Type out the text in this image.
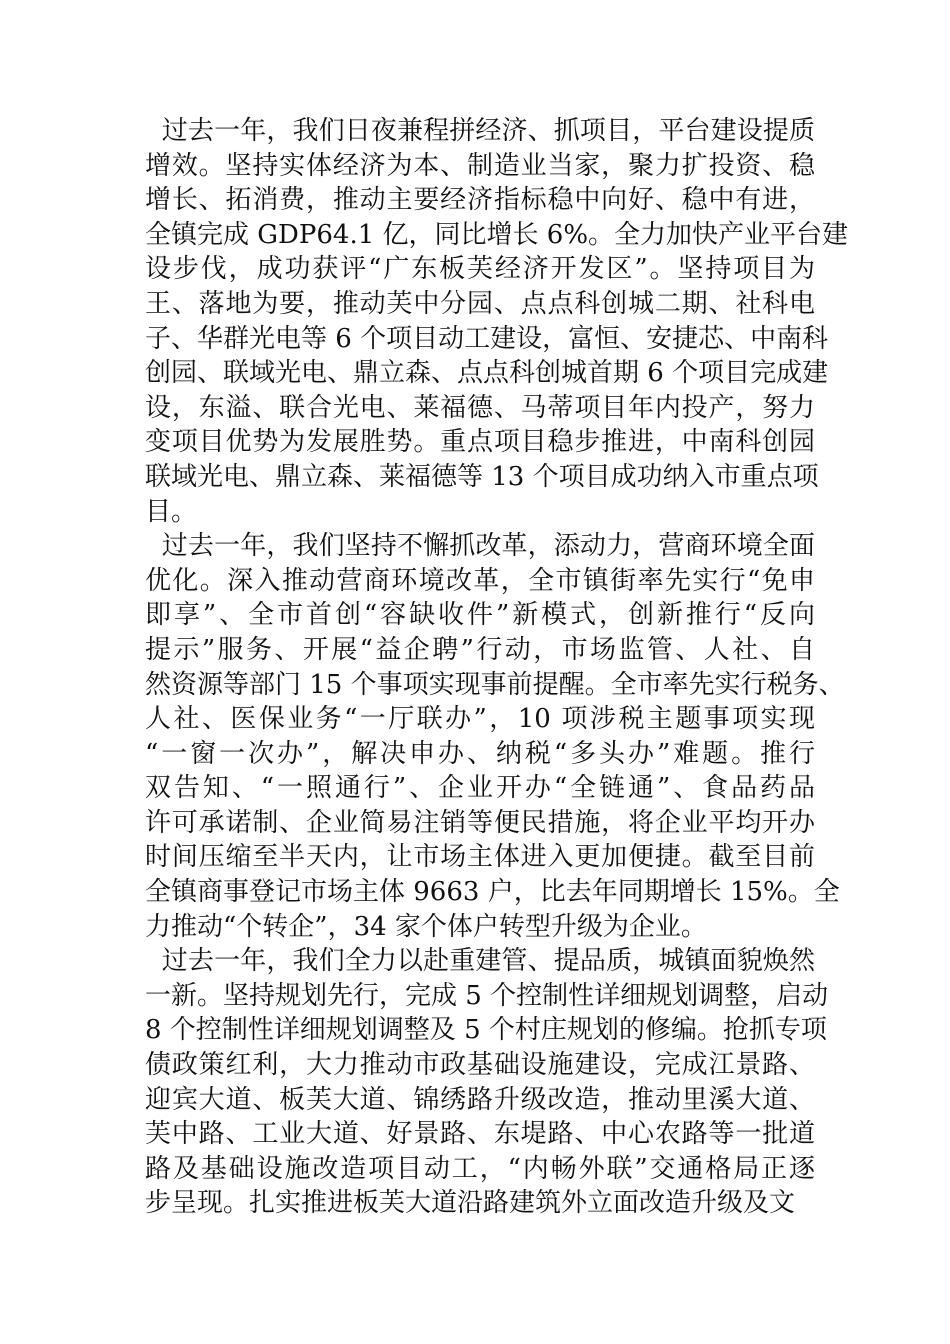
过去一年，我们日夜兼程拼经济、抓项目，平台建设提质
增效。坚持实体经济为本、制造业当家，聚力扩投资、稳
增长、拓消费，推动主要经济指标稳中向好、稳中有进，
全镇完成 GDP64.1 亿，同比增长 6%。全力加快产业平台建
设步伐，成功获评“广东板芙经济开发区”。坚持项目为
王、落地为要，推动芙中分园、点点科创城二期、社科电
子、华群光电等 6 个项目动工建设，富恒、安捷芯、中南科
创园、联域光电、鼎立森、点点科创城首期 6 个项目完成建
设，东溢、联合光电、莱福德、马蒂项目年内投产，努力
变项目优势为发展胜势。重点项目稳步推进，中南科创园
联域光电、鼎立森、莱福德等 13 个项目成功纳入市重点项
目。
过去一年，我们坚持不懈抓改革，添动力，营商环境全面
优化。深入推动营商环境改革，全市镇街率先实行“免申
即享”、全市首创“容缺收件”新模式，创新推行“反向
提示”服务、开展“益企聘”行动，市场监管、人社、自
然资源等部门 15 个事项实现事前提醒。全市率先实行税务、
人社、医保业务“一厅联办”，10 项涉税主题事项实现
“一窗一次办”，解决申办、纳税“多头办”难题。推行
双告知、“一照通行”、企业开办“全链通”、食品药品
许可承诺制、企业简易注销等便民措施，将企业平均开办
时间压缩至半天内，让市场主体进入更加便捷。截至目前
全镇商事登记市场主体 9663 户，比去年同期增长 15%。全
力推动“个转企”，34 家个体户转型升级为企业。
过去一年，我们全力以赴重建管、提品质，城镇面貌焕然
一新。坚持规划先行，完成 5 个控制性详细规划调整，启动
8 个控制性详细规划调整及 5 个村庄规划的修编。抢抓专项
债政策红利，大力推动市政基础设施建设，完成江景路、
迎宾大道、板芙大道、锦绣路升级改造，推动里溪大道、
芙中路、工业大道、好景路、东堤路、中心农路等一批道
路及基础设施改造项目动工，“内畅外联”交通格局正逐
步呈现。扎实推进板芙大道沿路建筑外立面改造升级及文
